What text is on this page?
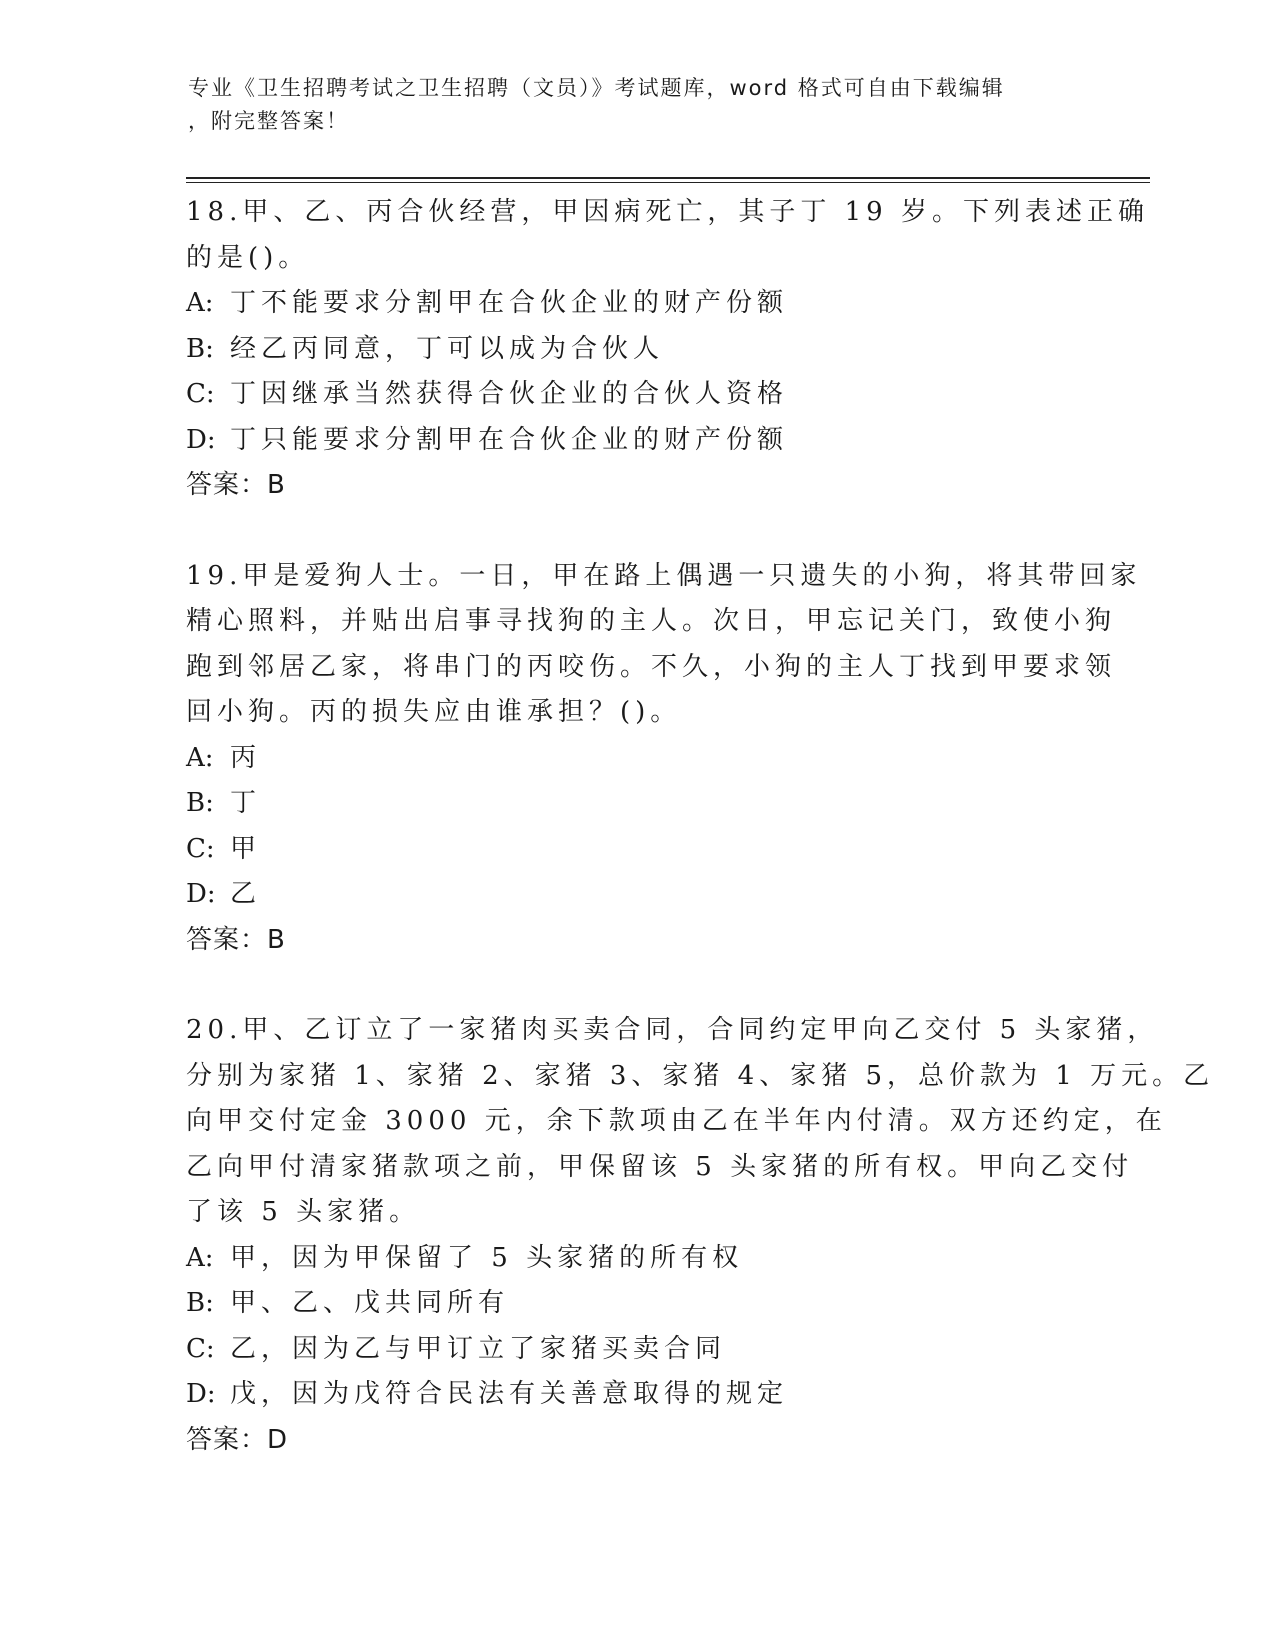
专业《卫生招聘考试之卫生招聘（文员）》考试题库，word 格式可自由下载编辑
，附完整答案！
18.甲、乙、丙合伙经营，甲因病死亡，其子丁 19 岁。下列表述正确
的是()。
A: 丁不能要求分割甲在合伙企业的财产份额
B: 经乙丙同意，丁可以成为合伙人
C: 丁因继承当然获得合伙企业的合伙人资格
D: 丁只能要求分割甲在合伙企业的财产份额
答案：B
19.甲是爱狗人士。一日，甲在路上偶遇一只遗失的小狗，将其带回家
精心照料，并贴出启事寻找狗的主人。次日，甲忘记关门，致使小狗
跑到邻居乙家，将串门的丙咬伤。不久，小狗的主人丁找到甲要求领
回小狗。丙的损失应由谁承担？()。
A: 丙
B: 丁
C: 甲
D: 乙
答案：B
20.甲、乙订立了一家猪肉买卖合同，合同约定甲向乙交付 5 头家猪，
分别为家猪 1、家猪 2、家猪 3、家猪 4、家猪 5，总价款为 1 万元。乙
向甲交付定金 3000 元，余下款项由乙在半年内付清。双方还约定，在
乙向甲付清家猪款项之前，甲保留该 5 头家猪的所有权。甲向乙交付
了该 5 头家猪。
A: 甲，因为甲保留了 5 头家猪的所有权
B: 甲、乙、戊共同所有
C: 乙，因为乙与甲订立了家猪买卖合同
D: 戊，因为戊符合民法有关善意取得的规定
答案：D
